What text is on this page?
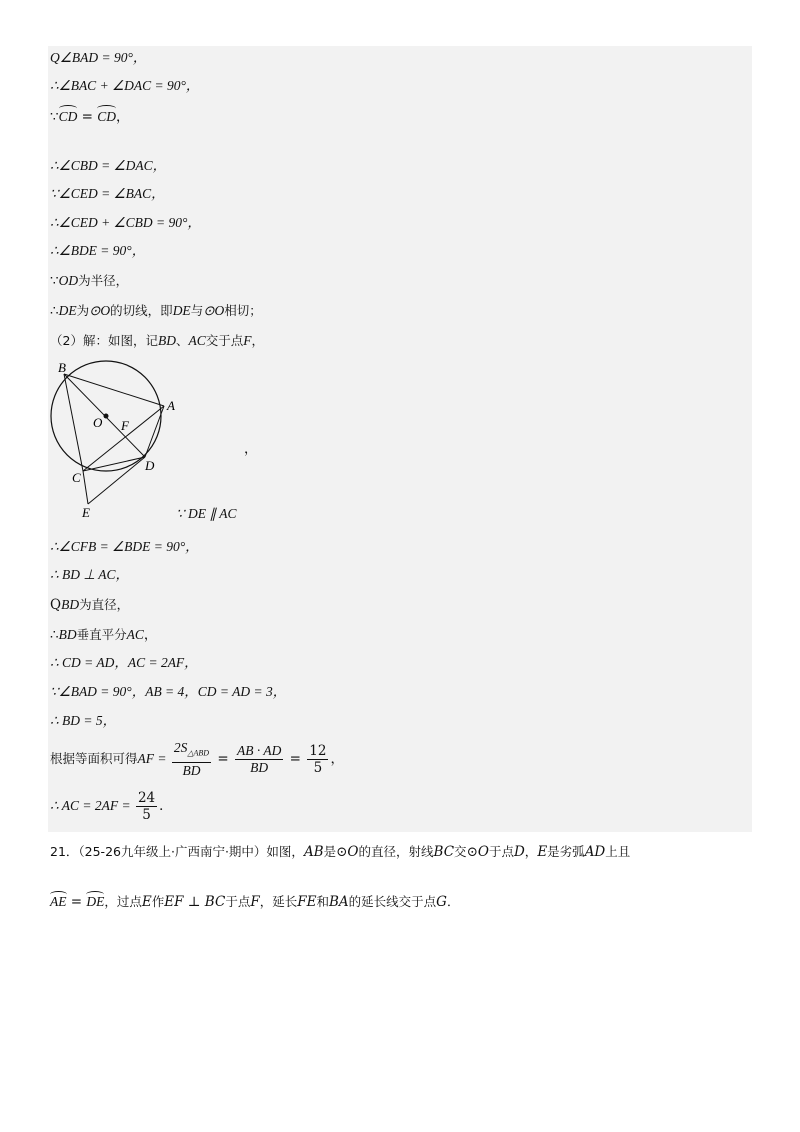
Q∠BAD = 90°，
∴∠BAC + ∠DAC = 90°，
∵CD = CD，
∴∠CBD = ∠DAC，
∵∠CED = ∠BAC，
∴∠CED + ∠CBD = 90°，
∴∠BDE = 90°，
∵OD为半径，
∴DE为⊙O的切线，即DE与⊙O相切；
（2）解：如图，记BD、AC交于点F，
B
A
O F
C
D
E
，
∵ DE ∥ AC
∴∠CFB = ∠BDE = 90°，
∴ BD ⊥ AC，
QBD为直径，
∴BD垂直平分AC，
∴ CD = AD，AC = 2AF，
∵∠BAD = 90°，AB = 4，CD = AD = 3，
∴ BD = 5，
根据等面积可得AF = $\frac{2S_{\triangle ABD}}{BD} = \frac{AB \cdot AD}{BD} = \frac{12}{5}$ ，
∴ AC = $2AF = \frac{24}{5}$ ．
21．（25-26九年级上·广西南宁·期中）如图，AB是⊙O的直径，射线BC交⊙O于点D，E是劣弧AD上且
AE = DE，过点E作EF ⊥ BC于点F，延长FE和BA的延长线交于点G．
